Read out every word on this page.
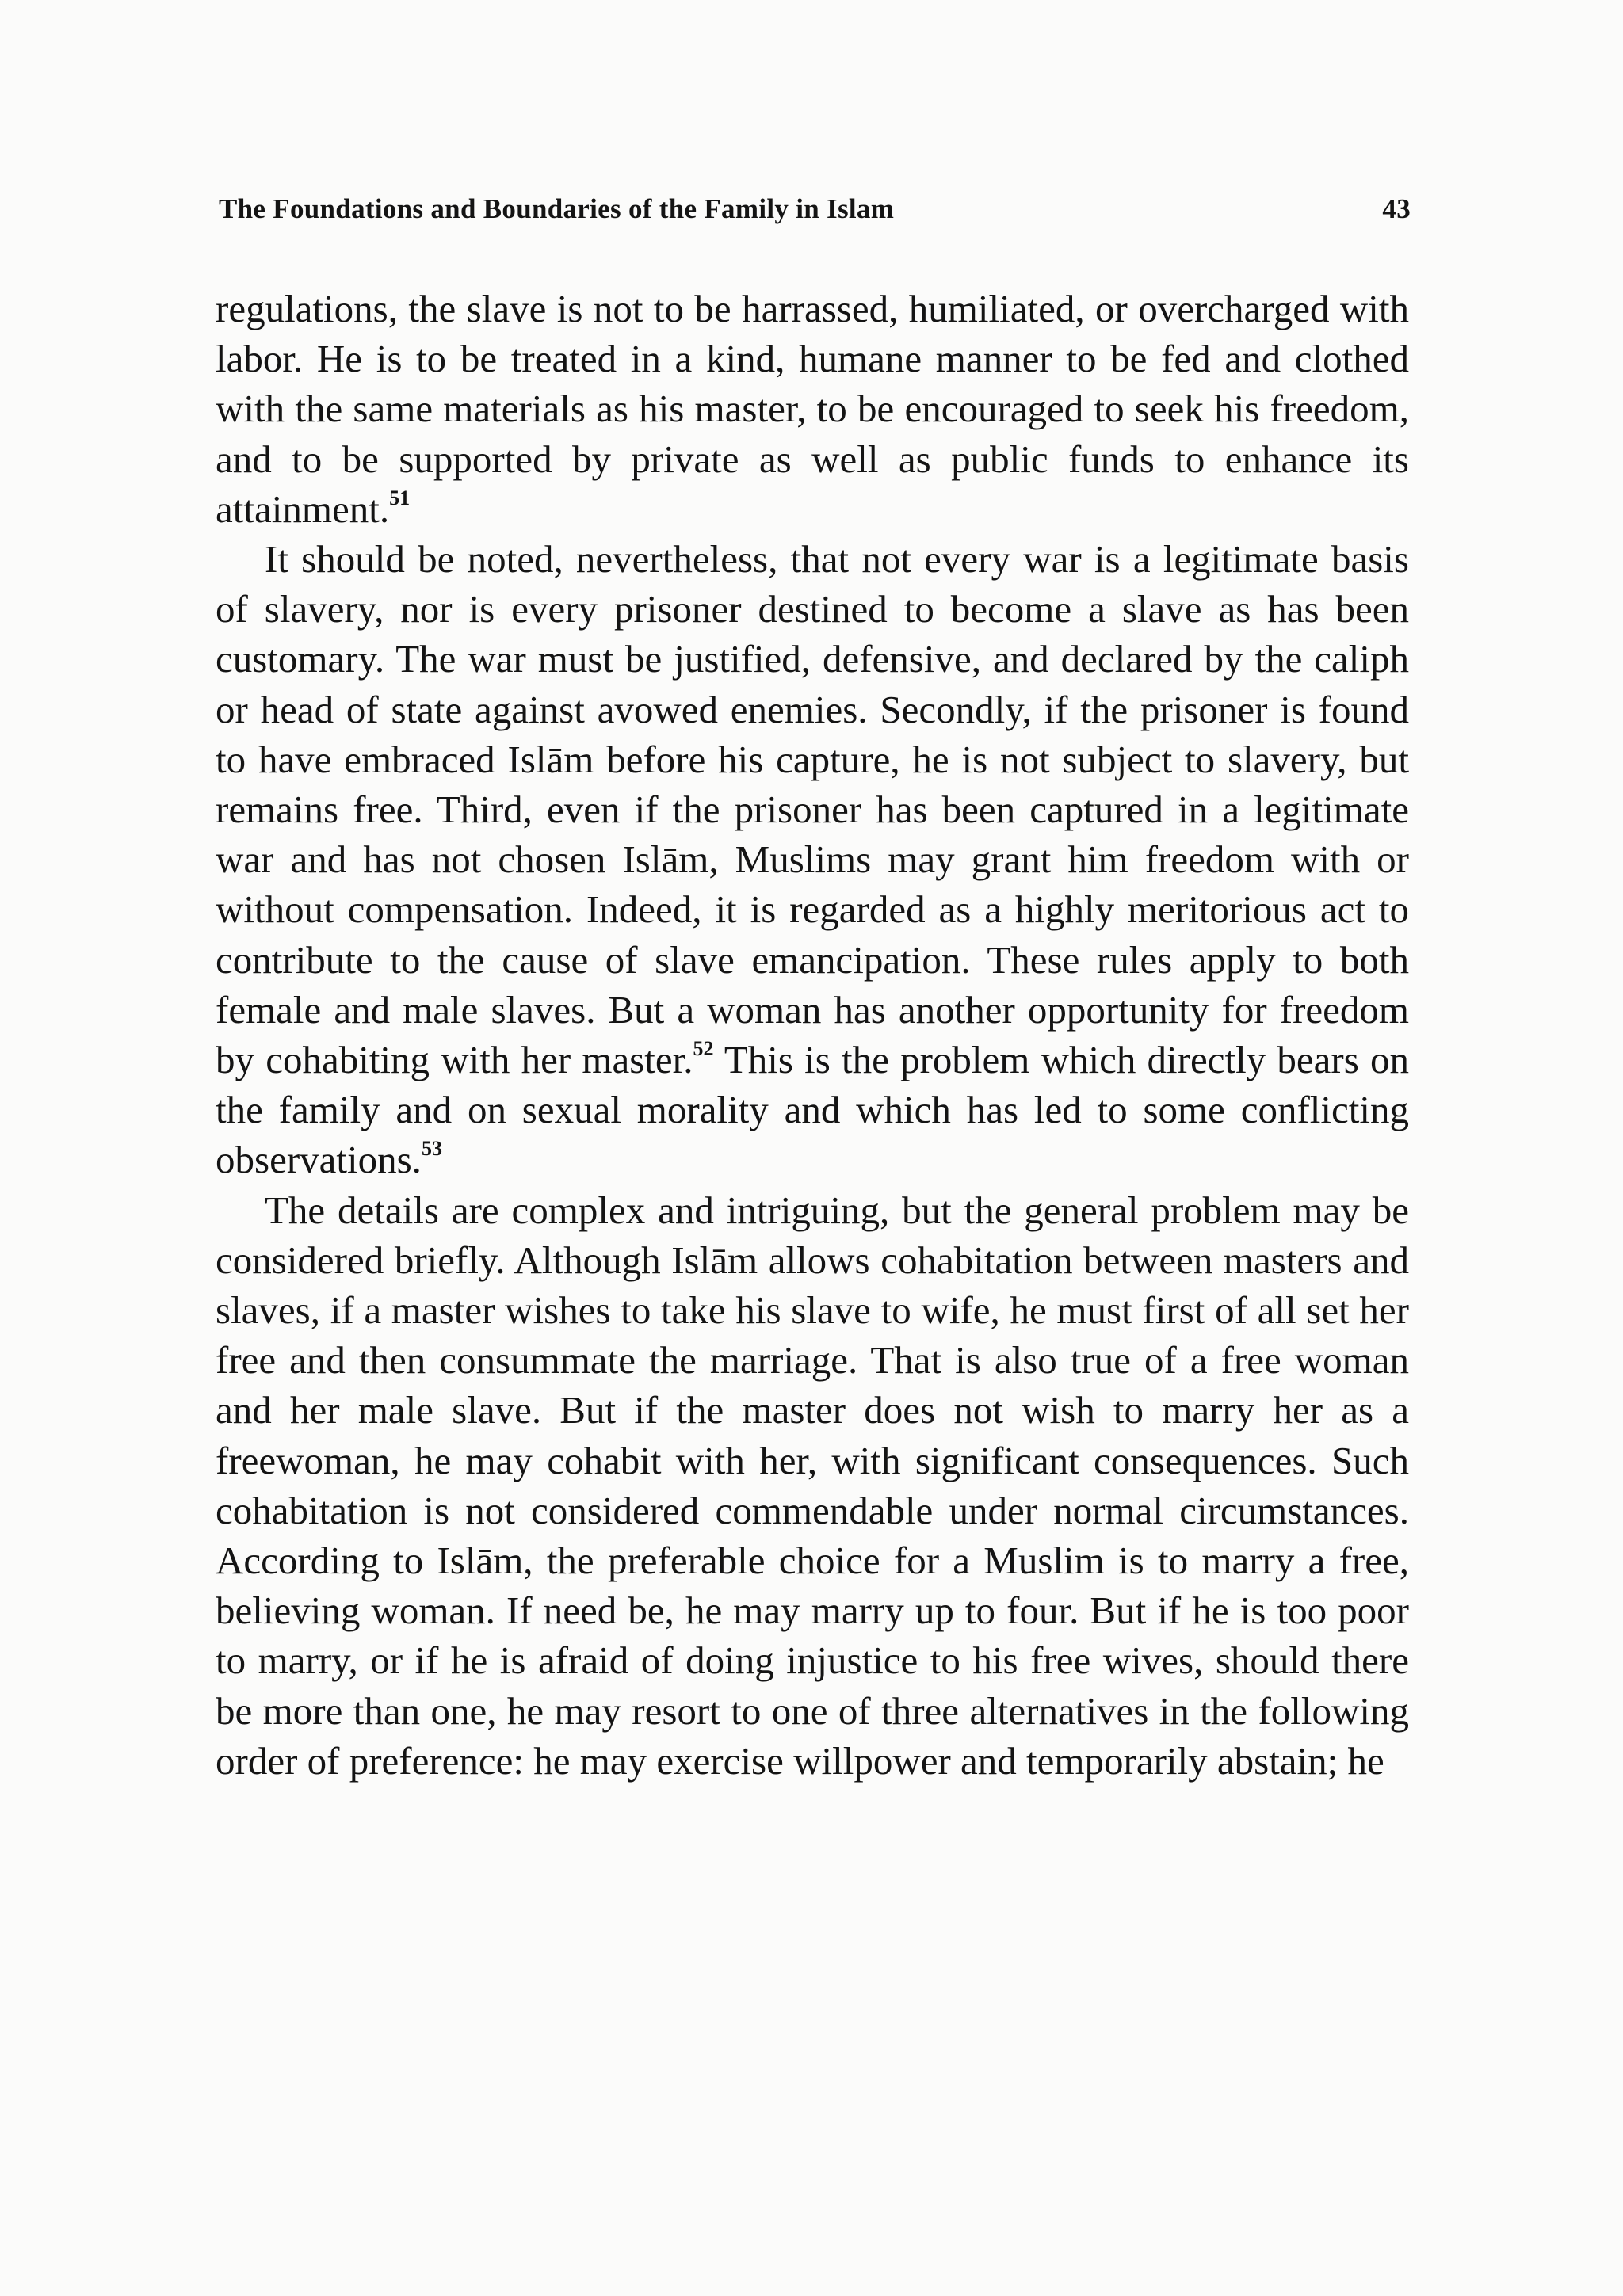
The Foundations and Boundaries of the Family in Islam	43

regulations, the slave is not to be harrassed, humiliated, or overcharged with labor. He is to be treated in a kind, humane manner to be fed and clothed with the same materials as his master, to be encouraged to seek his freedom, and to be supported by private as well as public funds to enhance its attainment.$^{51}$

It should be noted, nevertheless, that not every war is a legitimate basis of slavery, nor is every prisoner destined to become a slave as has been customary. The war must be justified, defensive, and declared by the caliph or head of state against avowed enemies. Secondly, if the prisoner is found to have embraced Islām before his capture, he is not subject to slavery, but remains free. Third, even if the prisoner has been captured in a legitimate war and has not chosen Islām, Muslims may grant him freedom with or without compensation. Indeed, it is regarded as a highly meritorious act to contribute to the cause of slave emancipation. These rules apply to both female and male slaves. But a woman has another opportunity for freedom by cohabiting with her master.$^{52}$ This is the problem which directly bears on the family and on sexual morality and which has led to some conflicting observations.$^{53}$

The details are complex and intriguing, but the general problem may be considered briefly. Although Islām allows cohabitation between masters and slaves, if a master wishes to take his slave to wife, he must first of all set her free and then consummate the marriage. That is also true of a free woman and her male slave. But if the master does not wish to marry her as a freewoman, he may cohabit with her, with significant consequences. Such cohabitation is not considered commendable under normal circumstances. According to Islām, the preferable choice for a Muslim is to marry a free, believing woman. If need be, he may marry up to four. But if he is too poor to marry, or if he is afraid of doing injustice to his free wives, should there be more than one, he may resort to one of three alternatives in the following order of preference: he may exercise willpower and temporarily abstain; he
